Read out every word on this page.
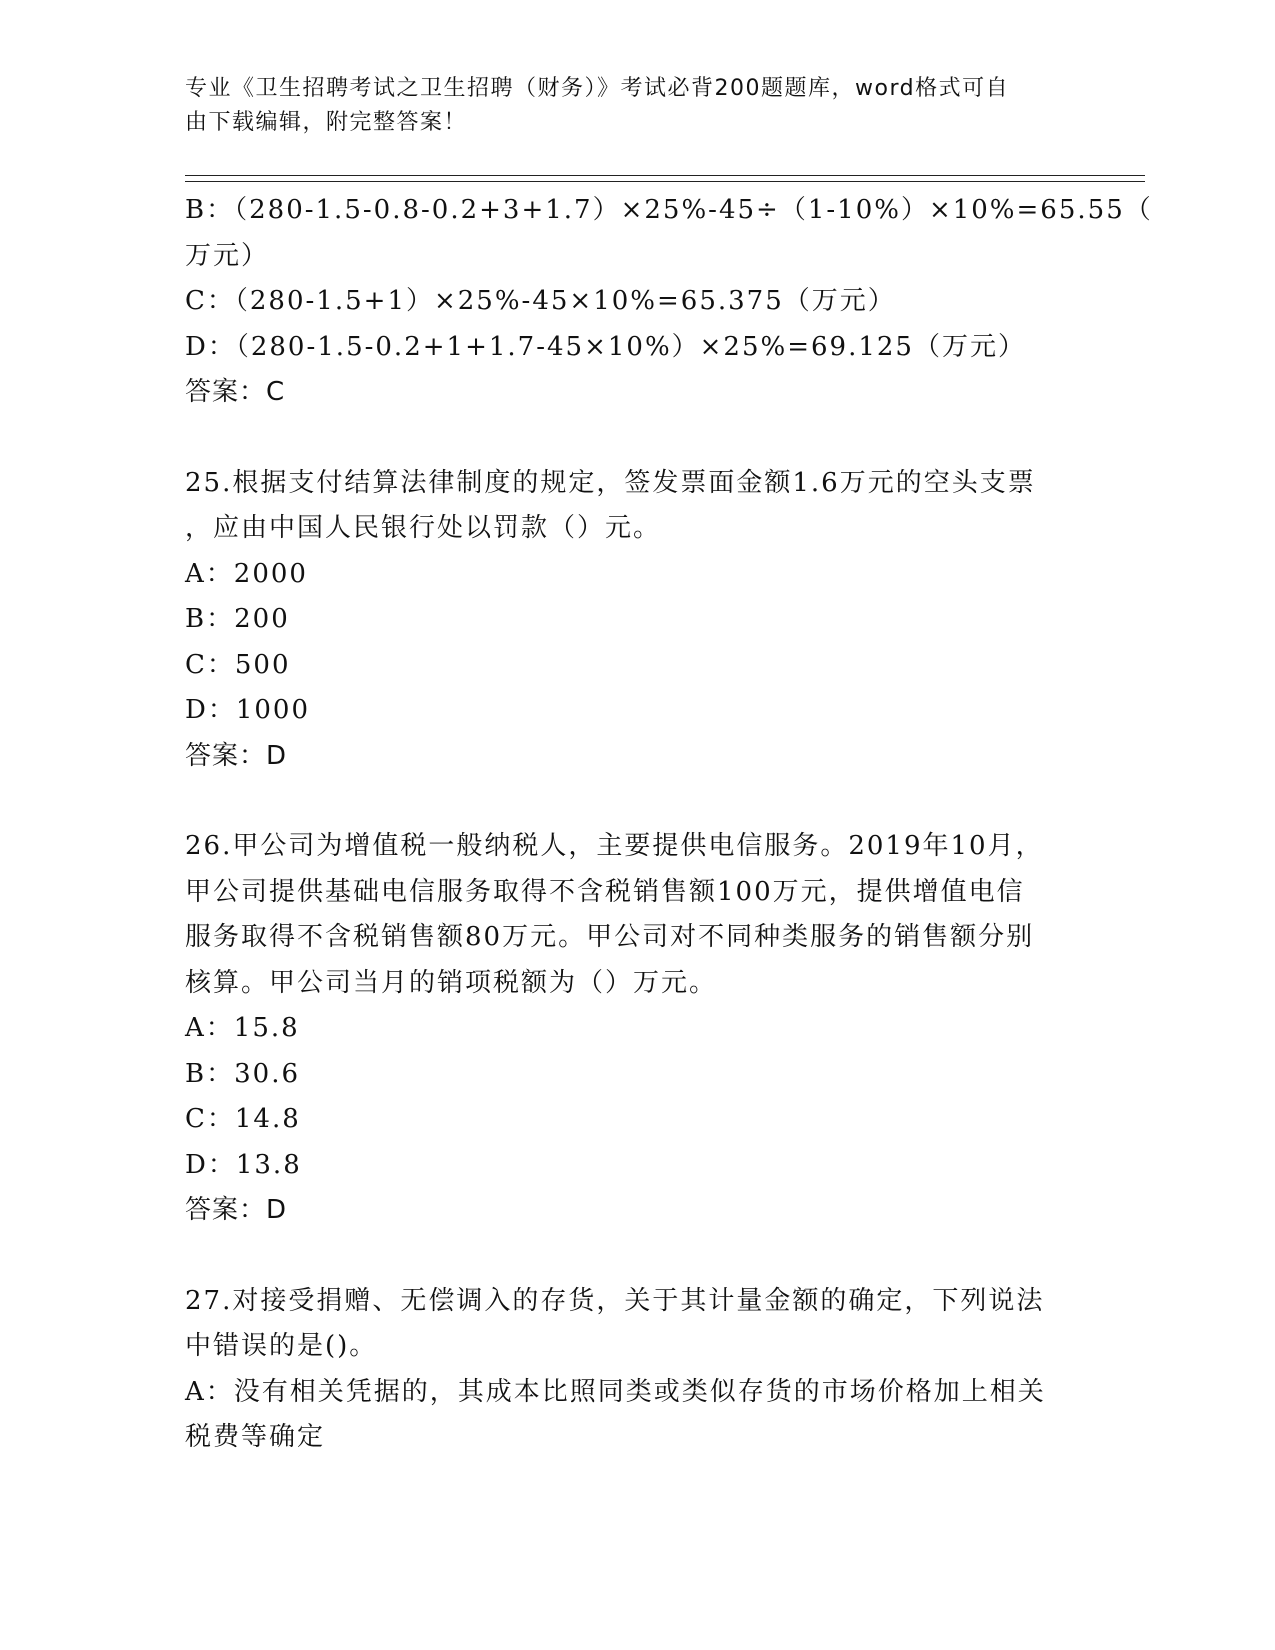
专业《卫生招聘考试之卫生招聘（财务）》考试必背200题题库，word格式可自
由下载编辑，附完整答案！
B：（280-1.5-0.8-0.2+3+1.7）×25%-45÷（1-10%）×10%=65.55（
万元）
C：（280-1.5+1）×25%-45×10%=65.375（万元）
D：（280-1.5-0.2+1+1.7-45×10%）×25%=69.125（万元）
答案：C
25.根据支付结算法律制度的规定，签发票面金额1.6万元的空头支票
，应由中国人民银行处以罚款（）元。
A：2000
B：200
C：500
D：1000
答案：D
26.甲公司为增值税一般纳税人，主要提供电信服务。2019年10月，
甲公司提供基础电信服务取得不含税销售额100万元，提供增值电信
服务取得不含税销售额80万元。甲公司对不同种类服务的销售额分别
核算。甲公司当月的销项税额为（）万元。
A：15.8
B：30.6
C：14.8
D：13.8
答案：D
27.对接受捐赠、无偿调入的存货，关于其计量金额的确定，下列说法
中错误的是()。
A：没有相关凭据的，其成本比照同类或类似存货的市场价格加上相关
税费等确定
